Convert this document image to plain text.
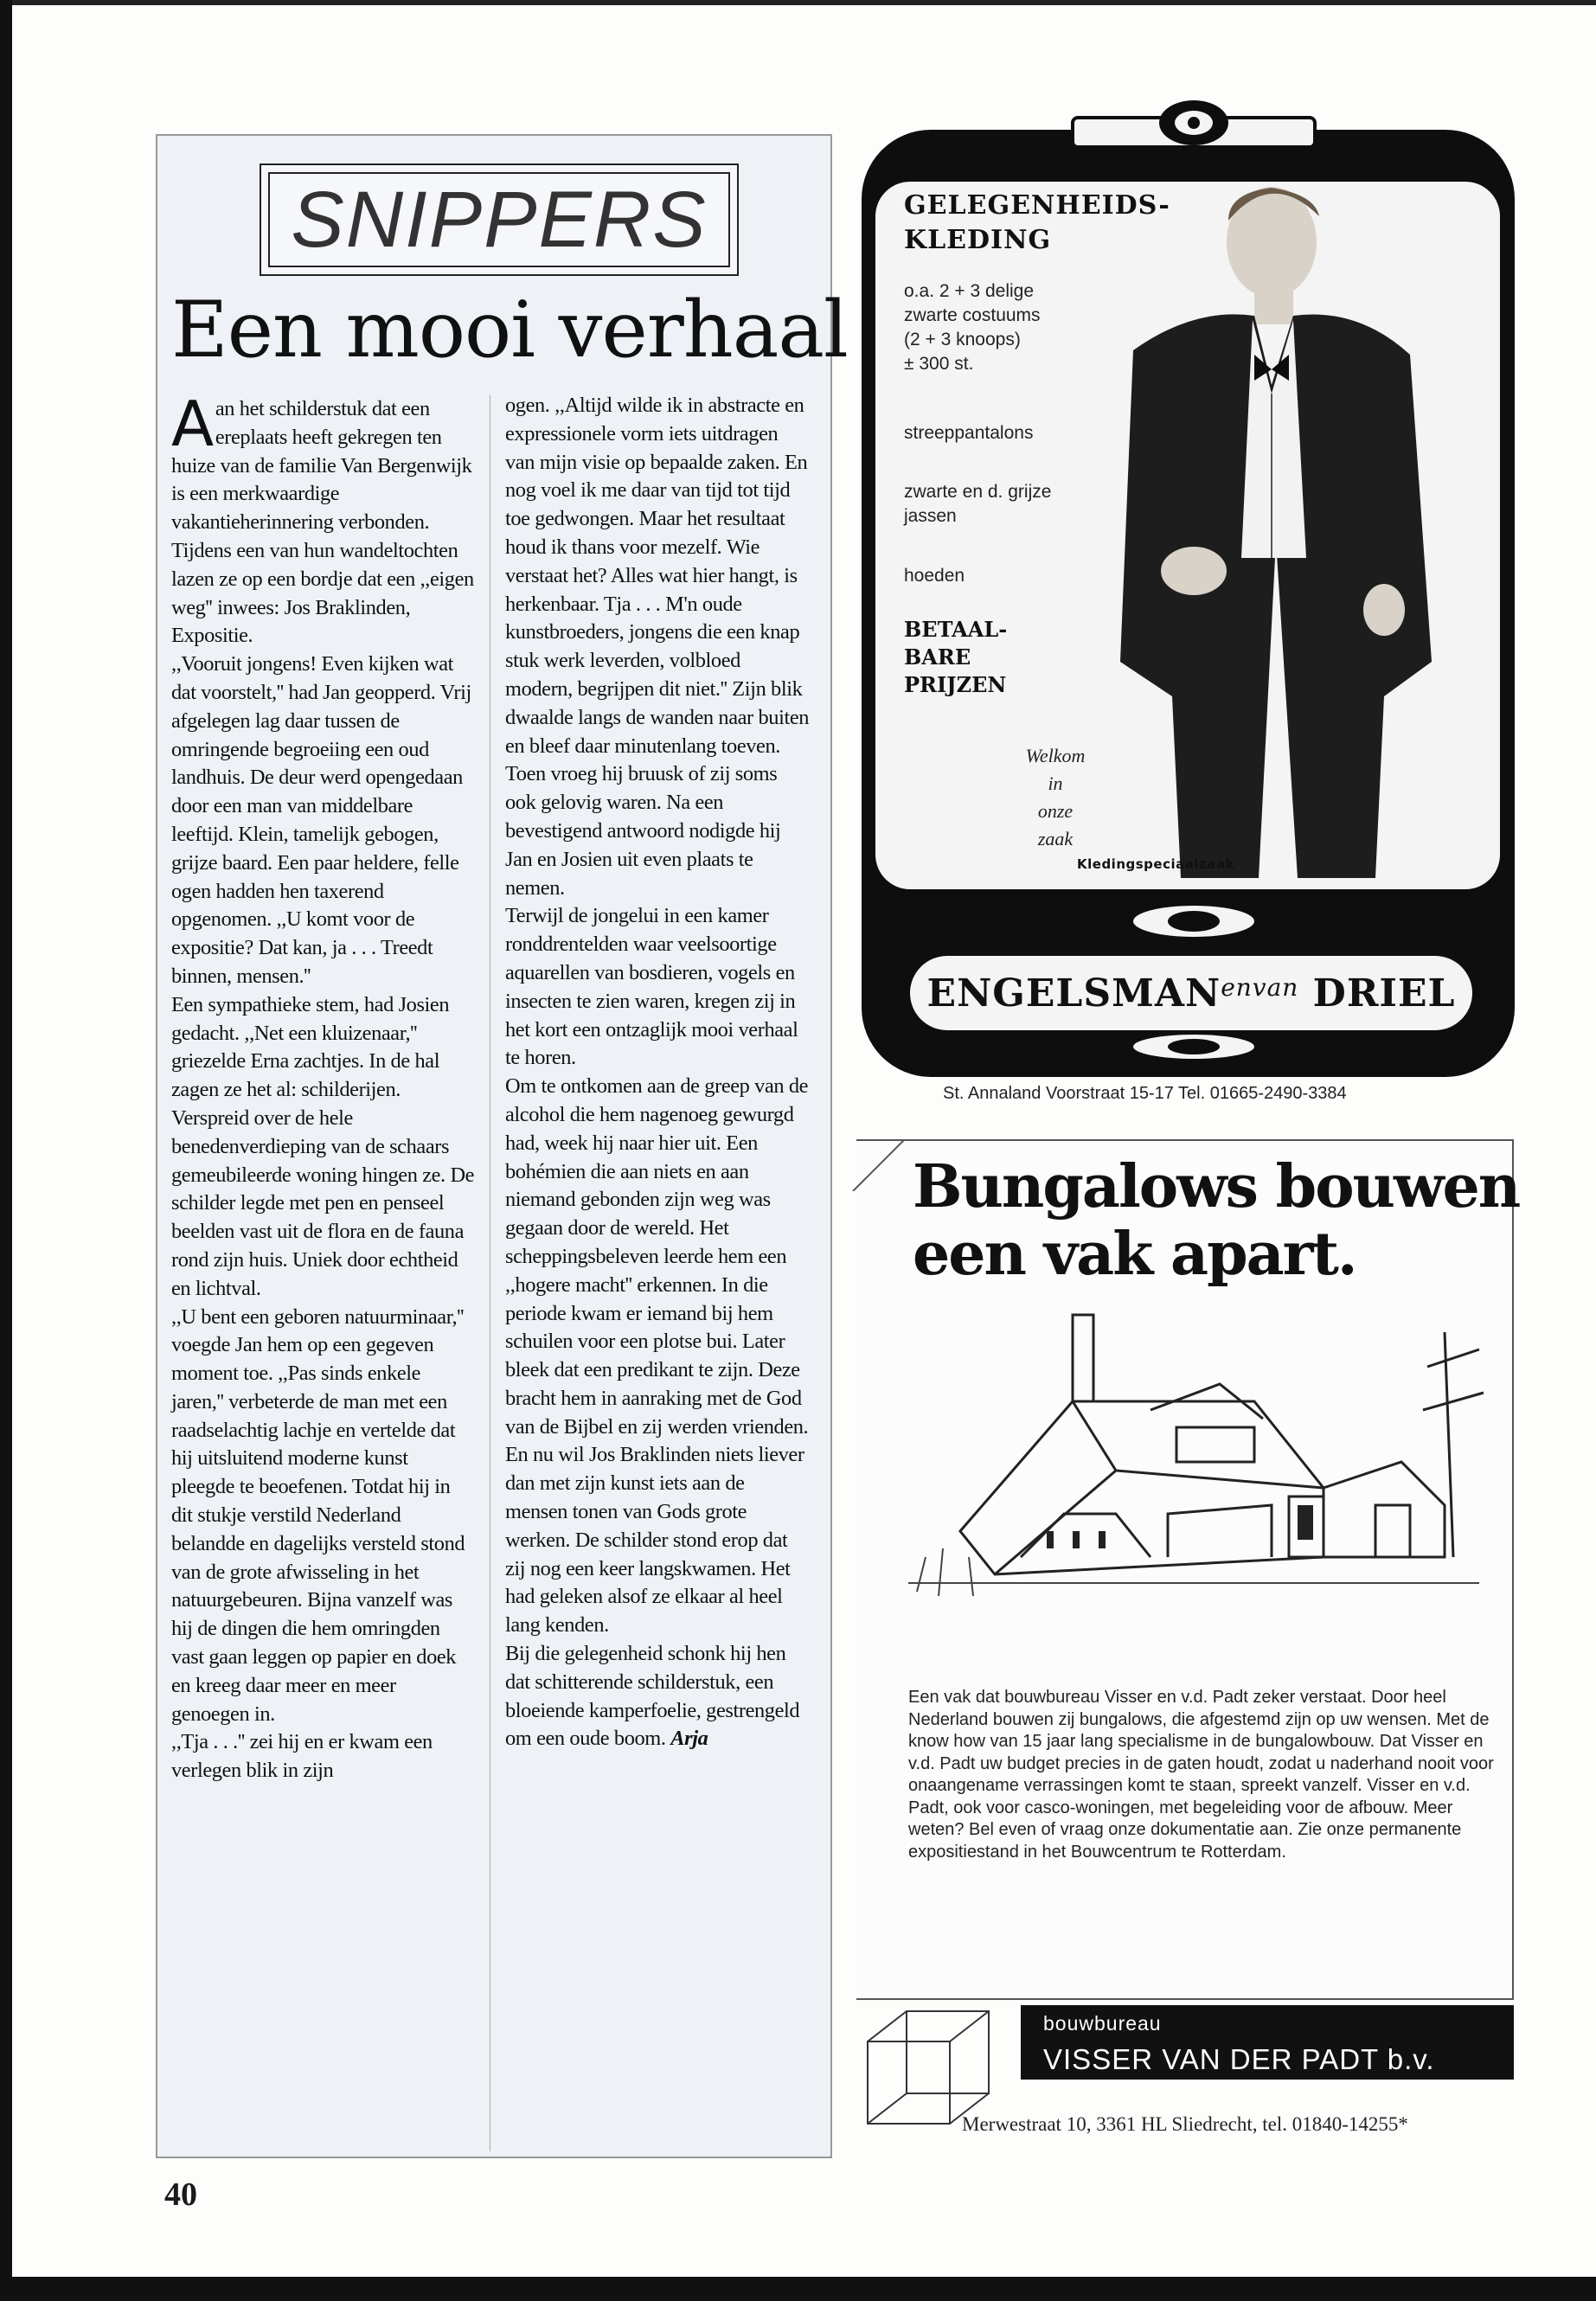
SNIPPERS
Een mooi verhaal

Aan het schilderstuk dat een ereplaats heeft gekregen ten huize van de familie Van Bergenwijk is een merkwaardige vakantieherinnering verbonden.

Tijdens een van hun wandeltochten lazen ze op een bordje dat een ,,eigen weg'' inwees: Jos Braklinden, Expositie.

,,Vooruit jongens! Even kijken wat dat voorstelt,'' had Jan geopperd. Vrij afgelegen lag daar tussen de omringende begroeiing een oud landhuis. De deur werd opengedaan door een man van middelbare leeftijd. Klein, tamelijk gebogen, grijze baard. Een paar heldere, felle ogen hadden hen taxerend opgenomen. ,,U komt voor de expositie? Dat kan, ja . . . Treedt binnen, mensen.''

Een sympathieke stem, had Josien gedacht. ,,Net een kluizenaar,'' griezelde Erna zachtjes. In de hal zagen ze het al: schilderijen.

Verspreid over de hele benedenverdieping van de schaars gemeubileerde woning hingen ze. De schilder legde met pen en penseel beelden vast uit de flora en de fauna rond zijn huis. Uniek door echtheid en lichtval.

,,U bent een geboren natuurminaar,'' voegde Jan hem op een gegeven moment toe. ,,Pas sinds enkele jaren,'' verbeterde de man met een raadselachtig lachje en vertelde dat hij uitsluitend moderne kunst pleegde te beoefenen. Totdat hij in dit stukje verstild Nederland belandde en dagelijks versteld stond van de grote afwisseling in het natuurgebeuren. Bijna vanzelf was hij de dingen die hem omringden vast gaan leggen op papier en doek en kreeg daar meer en meer genoegen in.

,,Tja . . .'' zei hij en er kwam een verlegen blik in zijn

ogen. ,,Altijd wilde ik in abstracte en expressionele vorm iets uitdragen van mijn visie op bepaalde zaken. En nog voel ik me daar van tijd tot tijd toe gedwongen. Maar het resultaat houd ik thans voor mezelf. Wie verstaat het? Alles wat hier hangt, is herkenbaar. Tja . . . M'n oude kunstbroeders, jongens die een knap stuk werk leverden, volbloed modern, begrijpen dit niet.'' Zijn blik dwaalde langs de wanden naar buiten en bleef daar minutenlang toeven. Toen vroeg hij bruusk of zij soms ook gelovig waren. Na een bevestigend antwoord nodigde hij Jan en Josien uit even plaats te nemen.

Terwijl de jongelui in een kamer ronddrentelden waar veelsoortige aquarellen van bosdieren, vogels en insecten te zien waren, kregen zij in het kort een ontzaglijk mooi verhaal te horen.

Om te ontkomen aan de greep van de alcohol die hem nagenoeg gewurgd had, week hij naar hier uit. Een bohémien die aan niets en aan niemand gebonden zijn weg was gegaan door de wereld. Het scheppingsbeleven leerde hem een ,,hogere macht'' erkennen. In die periode kwam er iemand bij hem schuilen voor een plotse bui. Later bleek dat een predikant te zijn. Deze bracht hem in aanraking met de God van de Bijbel en zij werden vrienden. En nu wil Jos Braklinden niets liever dan met zijn kunst iets aan de mensen tonen van Gods grote werken. De schilder stond erop dat zij nog een keer langskwamen. Het had geleken alsof ze elkaar al heel lang kenden.

Bij die gelegenheid schonk hij hen dat schitterende schilderstuk, een bloeiende kamperfoelie, gestrengeld om een oude boom. Arja

40
GELEGENHEIDS-
KLEDING
o.a. 2 + 3 delige
zwarte costuums
(2 + 3 knoops)
± 300 st.
streeppantalons
zwarte en d. grijze
jassen
hoeden
BETAAL-
BARE
PRIJZEN
Welkom
in
onze
zaak
Kledingspeciaalzaak
$ENGELSMAN^{envan}$ DRIEL
St. Annaland Voorstraat 15-17 Tel. 01665-2490-3384
Bungalows bouwen
een vak apart.
Een vak dat bouwbureau Visser en v.d. Padt zeker verstaat. Door heel Nederland bouwen zij bungalows, die afgestemd zijn op uw wensen. Met de know how van 15 jaar lang specialisme in de bungalowbouw. Dat Visser en v.d. Padt uw budget precies in de gaten houdt, zodat u naderhand nooit voor onaangename verrassingen komt te staan, spreekt vanzelf. Visser en v.d. Padt, ook voor casco-woningen, met begeleiding voor de afbouw. Meer weten? Bel even of vraag onze dokumentatie aan. Zie onze permanente expositiestand in het Bouwcentrum te Rotterdam.
bouwbureau
VISSER VAN DER PADT b.v.
Merwestraat 10, 3361 HL Sliedrecht, tel. 01840-14255*
